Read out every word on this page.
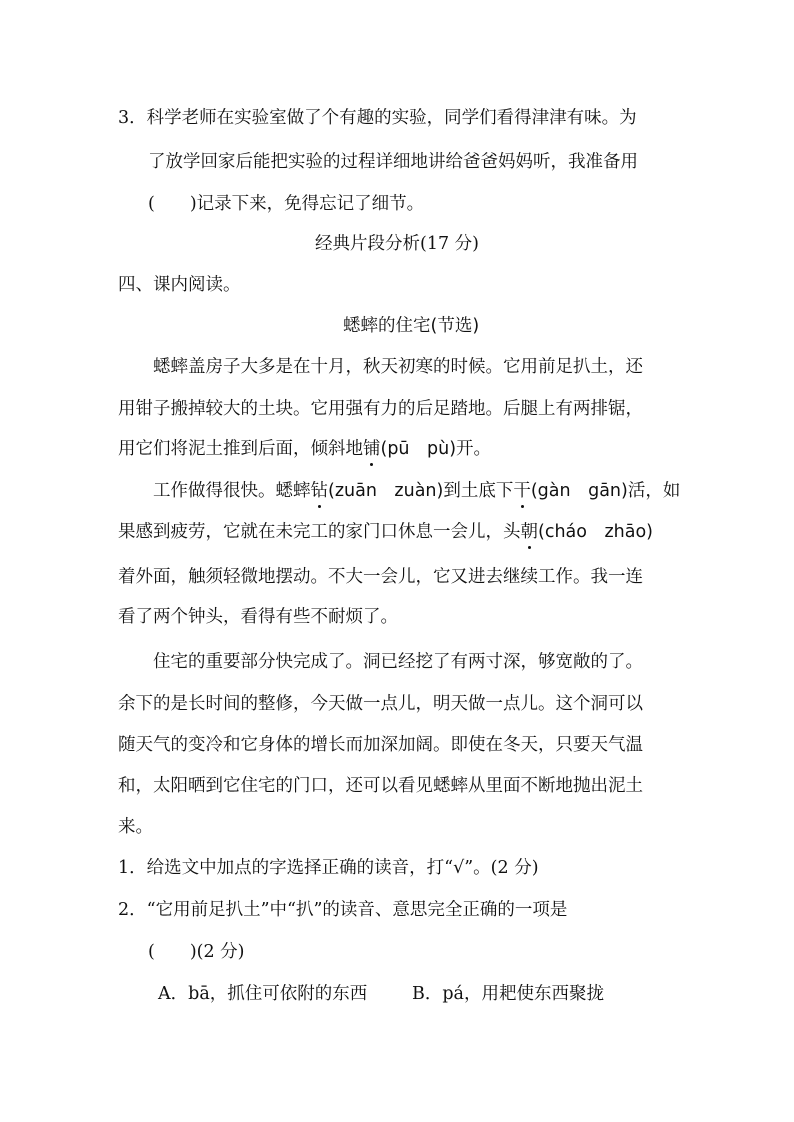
3．科学老师在实验室做了个有趣的实验，同学们看得津津有味。为
了放学回家后能把实验的过程详细地讲给爸爸妈妈听，我准备用
(　　)记录下来，免得忘记了细节。
经典片段分析(17 分)
四、课内阅读。
蟋蟀的住宅(节选)
蟋蟀盖房子大多是在十月，秋天初寒的时候。它用前足扒土，还
用钳子搬掉较大的土块。它用强有力的后足踏地。后腿上有两排锯，
用它们将泥土推到后面，倾斜地铺(pū　pù)开。
工作做得很快。蟋蟀钻(zuān　zuàn)到土底下干(gàn　gān)活，如
果感到疲劳，它就在未完工的家门口休息一会儿，头朝(cháo　zhāo)
着外面，触须轻微地摆动。不大一会儿，它又进去继续工作。我一连
看了两个钟头，看得有些不耐烦了。
住宅的重要部分快完成了。洞已经挖了有两寸深，够宽敞的了。
余下的是长时间的整修，今天做一点儿，明天做一点儿。这个洞可以
随天气的变冷和它身体的增长而加深加阔。即使在冬天，只要天气温
和，太阳晒到它住宅的门口，还可以看见蟋蟀从里面不断地抛出泥土
来。
1．给选文中加点的字选择正确的读音，打“√”。(2 分)
2．“它用前足扒土”中“扒”的读音、意思完全正确的一项是
(　　)(2 分)
A．bā，抓住可依附的东西	B．pá，用耙使东西聚拢
